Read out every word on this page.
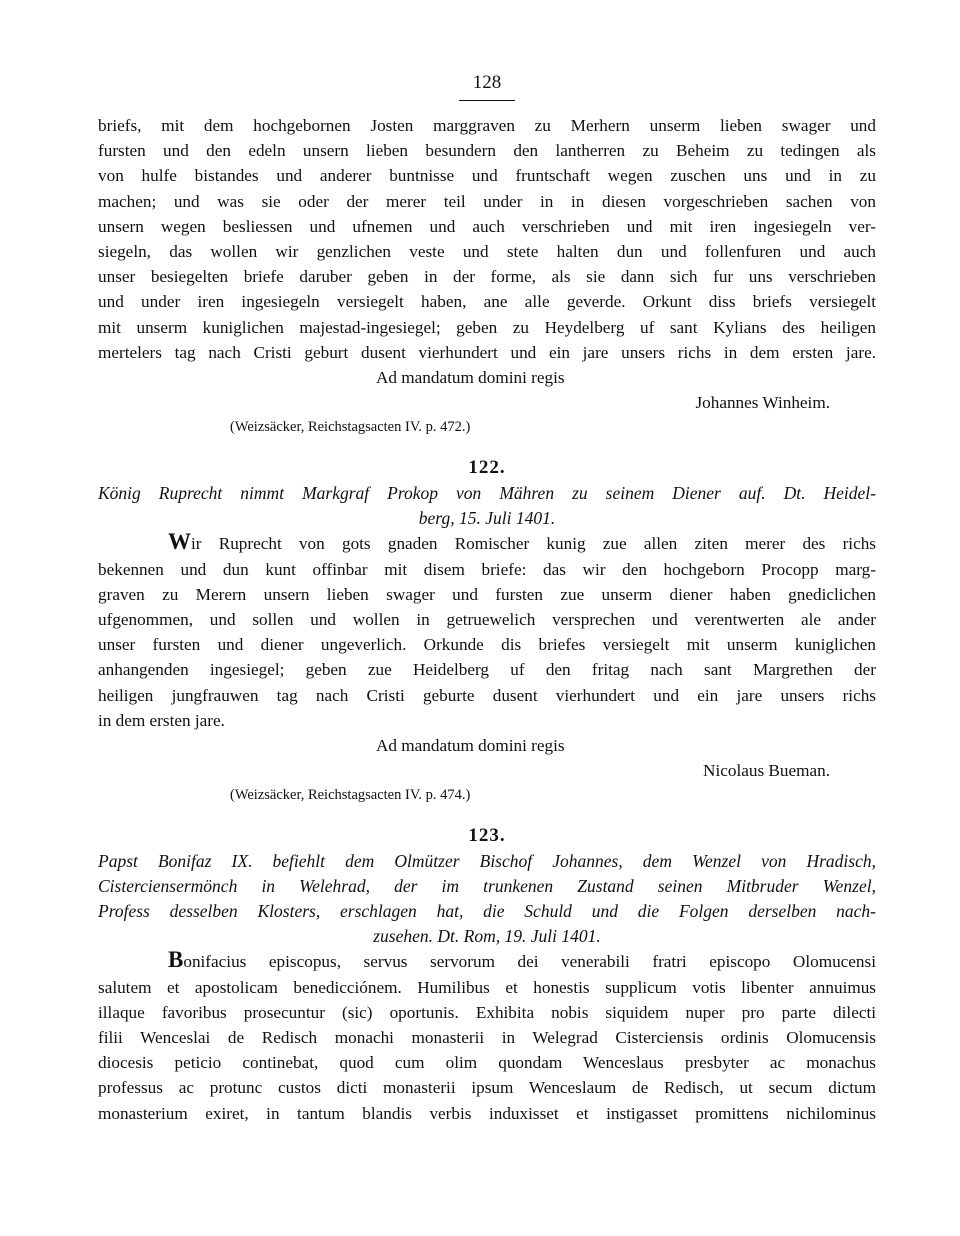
128
briefs, mit dem hochgebornen Josten marggraven zu Merhern unserm lieben swager und
fursten und den edeln unsern lieben besundern den lantherren zu Beheim zu tedingen als
von hulfe bistandes und anderer buntnisse und fruntschaft wegen zuschen uns und in zu
machen; und was sie oder der merer teil under in in diesen vorgeschrieben sachen von
unsern wegen besliessen und ufnemen und auch verschrieben und mit iren ingesiegeln ver-
siegeln, das wollen wir genzlichen veste und stete halten dun und follenfuren und auch
unser besiegelten briefe daruber geben in der forme, als sie dann sich fur uns verschrieben
und under iren ingesiegeln versiegelt haben, ane alle geverde. Orkunt diss briefs versiegelt
mit unserm kuniglichen majestad-ingesiegel; geben zu Heydelberg uf sant Kylians des heiligen
mertelers tag nach Cristi geburt dusent vierhundert und ein jare unsers richs in dem ersten jare.
Ad mandatum domini regis
Johannes Winheim.
(Weizsäcker, Reichstagsacten IV. p. 472.)
122.
König Ruprecht nimmt Markgraf Prokop von Mähren zu seinem Diener auf. Dt. Heidel-
berg, 15. Juli 1401.
Wir Ruprecht von gots gnaden Romischer kunig zue allen ziten merer des richs
bekennen und dun kunt offinbar mit disem briefe: das wir den hochgeborn Procopp marg-
graven zu Merern unsern lieben swager und fursten zue unserm diener haben gnediclichen
ufgenommen, und sollen und wollen in getruewelich versprechen und verentwerten ale ander
unser fursten und diener ungeverlich. Orkunde dis briefes versiegelt mit unserm kuniglichen
anhangenden ingesiegel; geben zue Heidelberg uf den fritag nach sant Margrethen der
heiligen jungfrauwen tag nach Cristi geburte dusent vierhundert und ein jare unsers richs
in dem ersten jare.
Ad mandatum domini regis
Nicolaus Bueman.
(Weizsäcker, Reichstagsacten IV. p. 474.)
123.
Papst Bonifaz IX. befiehlt dem Olmützer Bischof Johannes, dem Wenzel von Hradisch,
Cisterciensermönch in Welehrad, der im trunkenen Zustand seinen Mitbruder Wenzel,
Profess desselben Klosters, erschlagen hat, die Schuld und die Folgen derselben nach-
zusehen. Dt. Rom, 19. Juli 1401.
Bonifacius episcopus, servus servorum dei venerabili fratri episcopo Olomucensi
salutem et apostolicam benedicciónem. Humilibus et honestis supplicum votis libenter annuimus
illaque favoribus prosecuntur (sic) oportunis. Exhibita nobis siquidem nuper pro parte dilecti
filii Wenceslai de Redisch monachi monasterii in Welegrad Cisterciensis ordinis Olomucensis
diocesis peticio continebat, quod cum olim quondam Wenceslaus presbyter ac monachus
professus ac protunc custos dicti monasterii ipsum Wenceslaum de Redisch, ut secum dictum
monasterium exiret, in tantum blandis verbis induxisset et instigasset promittens nichilominus
